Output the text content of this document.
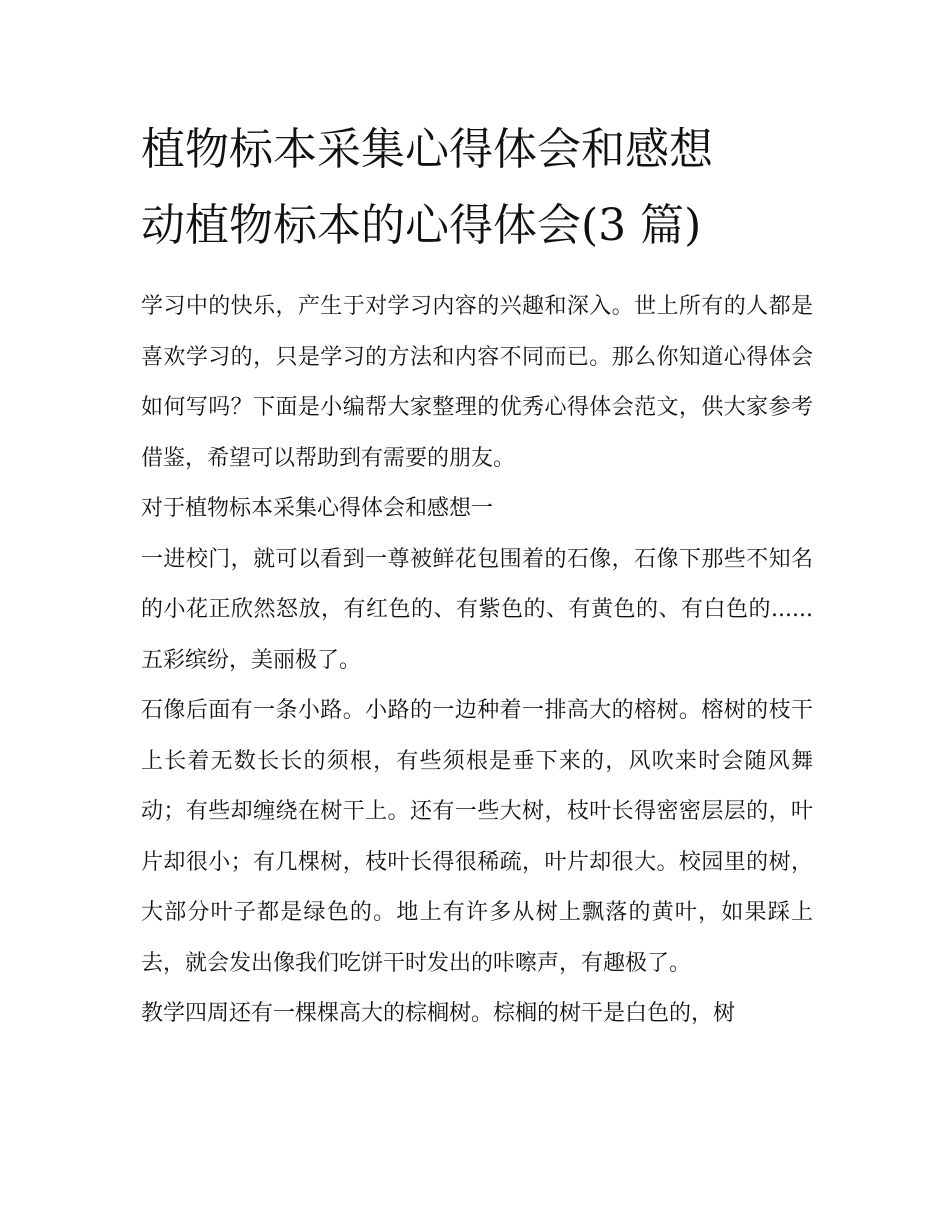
植物标本采集心得体会和感想
动植物标本的心得体会(3 篇)

学习中的快乐，产生于对学习内容的兴趣和深入。世上所有的人都是喜欢学习的，只是学习的方法和内容不同而已。那么你知道心得体会如何写吗？下面是小编帮大家整理的优秀心得体会范文，供大家参考借鉴，希望可以帮助到有需要的朋友。

对于植物标本采集心得体会和感想一

一进校门，就可以看到一尊被鲜花包围着的石像，石像下那些不知名的小花正欣然怒放，有红色的、有紫色的、有黄色的、有白色的......五彩缤纷，美丽极了。

石像后面有一条小路。小路的一边种着一排高大的榕树。榕树的枝干上长着无数长长的须根，有些须根是垂下来的，风吹来时会随风舞动；有些却缠绕在树干上。还有一些大树，枝叶长得密密层层的，叶片却很小；有几棵树，枝叶长得很稀疏，叶片却很大。校园里的树，大部分叶子都是绿色的。地上有许多从树上飘落的黄叶，如果踩上去，就会发出像我们吃饼干时发出的咔嚓声，有趣极了。

教学四周还有一棵棵高大的棕榈树。棕榈的树干是白色的，树
